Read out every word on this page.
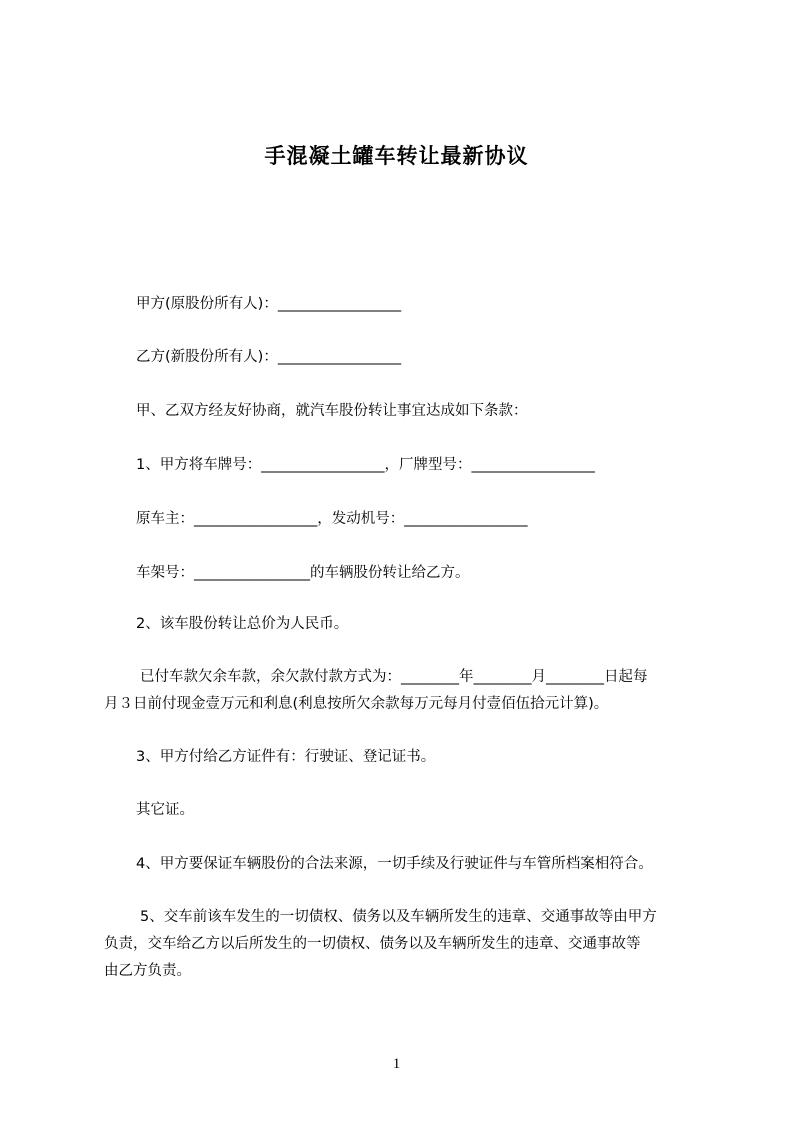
手混凝土罐车转让最新协议
甲方(原股份所有人)：_________________
乙方(新股份所有人)：_________________
甲、乙双方经友好协商，就汽车股份转让事宜达成如下条款：
1、甲方将车牌号：_________________，厂牌型号：_________________
原车主：_________________，发动机号：_________________
车架号：________________的车辆股份转让给乙方。
2、该车股份转让总价为人民币。
已付车款欠余车款，余欠款付款方式为：________年________月________日起每
月３日前付现金壹万元和利息(利息按所欠余款每万元每月付壹佰伍拾元计算)。
3、甲方付给乙方证件有：行驶证、登记证书。
其它证。
4、甲方要保证车辆股份的合法来源，一切手续及行驶证件与车管所档案相符合。
5、交车前该车发生的一切债权、债务以及车辆所发生的违章、交通事故等由甲方
负责，交车给乙方以后所发生的一切债权、债务以及车辆所发生的违章、交通事故等
由乙方负责。
1
